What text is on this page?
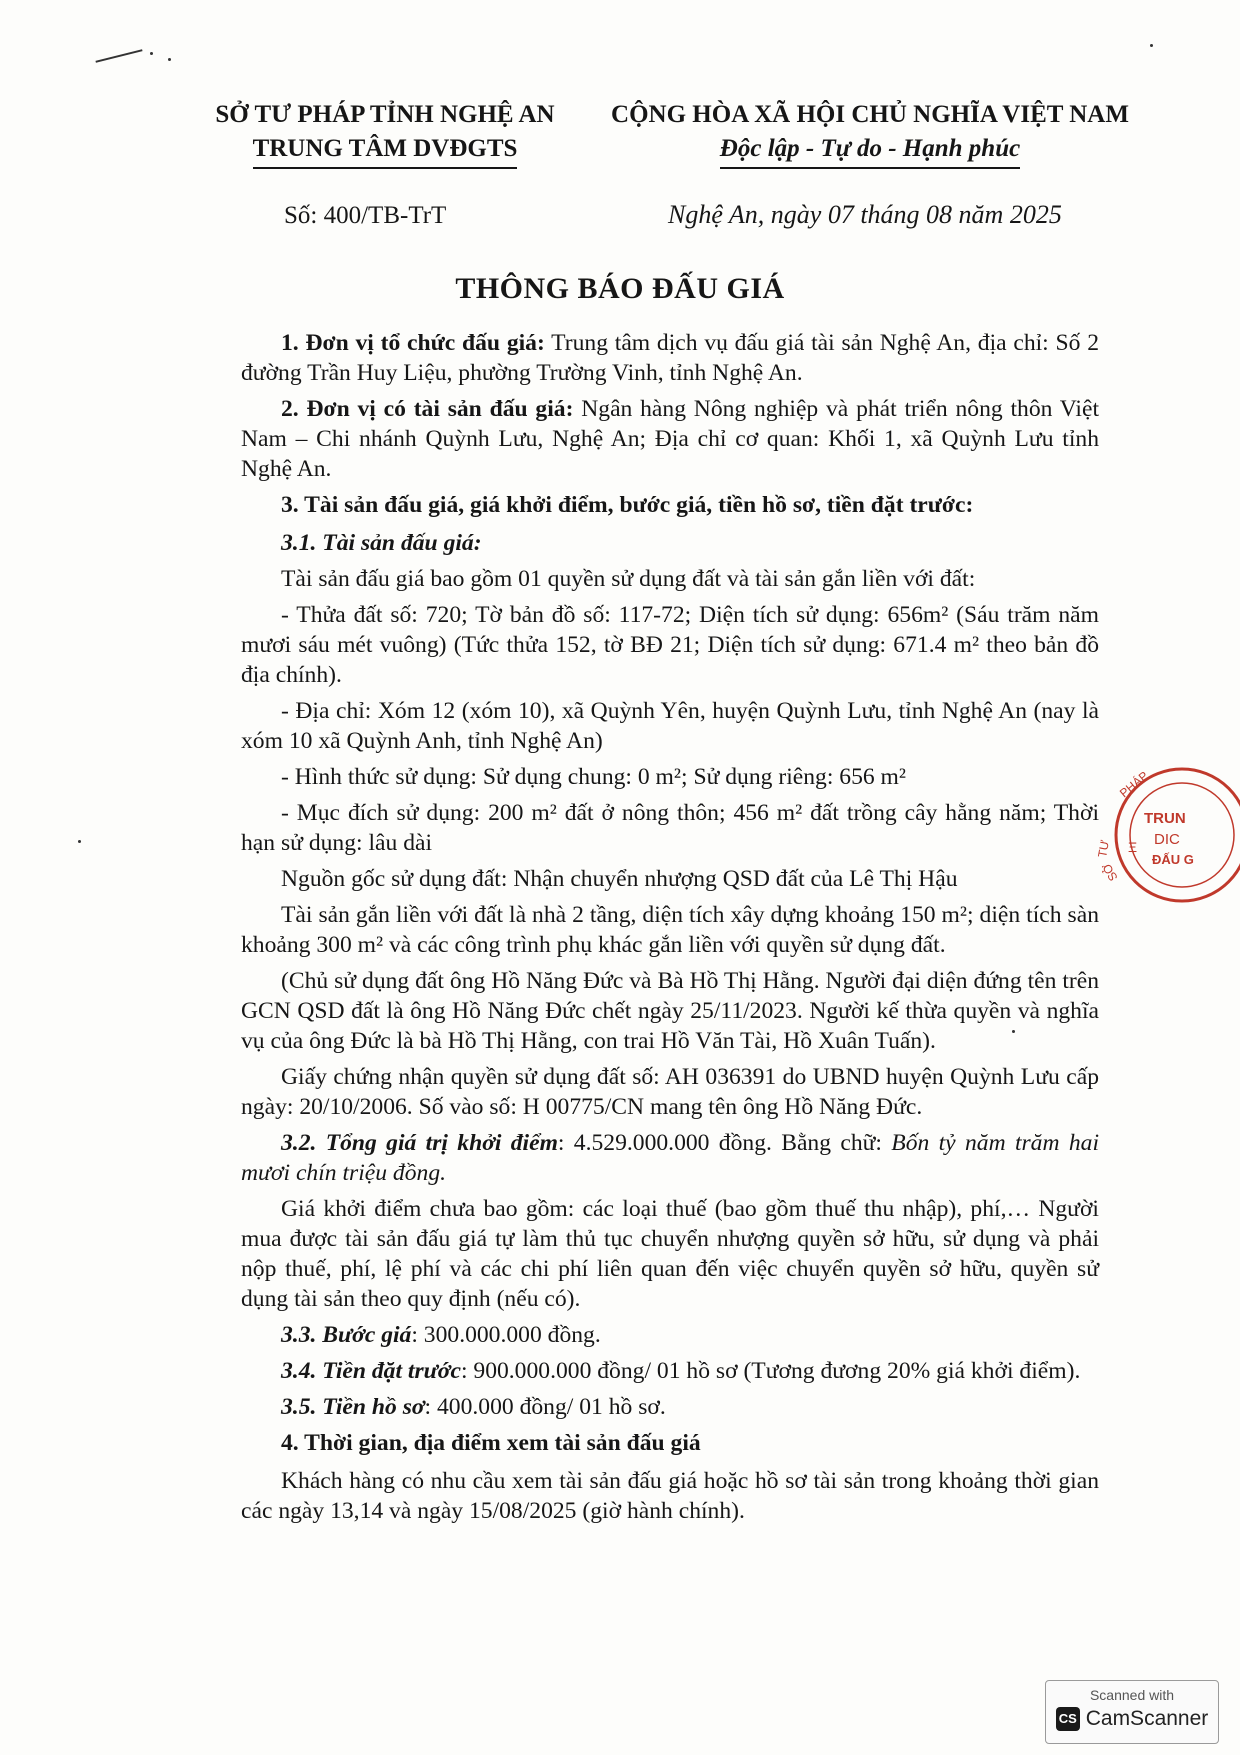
SỞ TƯ PHÁP TỈNH NGHỆ AN
TRUNG TÂM DVĐGTS
CỘNG HÒA XÃ HỘI CHỦ NGHĨA VIỆT NAM
Độc lập - Tự do - Hạnh phúc
Số: 400/TB-TrT	Nghệ An, ngày 07 tháng 08 năm 2025
THÔNG BÁO ĐẤU GIÁ

1. Đơn vị tổ chức đấu giá: Trung tâm dịch vụ đấu giá tài sản Nghệ An, địa chỉ: Số 2 đường Trần Huy Liệu, phường Trường Vinh, tỉnh Nghệ An.

2. Đơn vị có tài sản đấu giá: Ngân hàng Nông nghiệp và phát triển nông thôn Việt Nam – Chi nhánh Quỳnh Lưu, Nghệ An; Địa chỉ cơ quan: Khối 1, xã Quỳnh Lưu tỉnh Nghệ An.

3. Tài sản đấu giá, giá khởi điểm, bước giá, tiền hồ sơ, tiền đặt trước:

3.1. Tài sản đấu giá:

Tài sản đấu giá bao gồm 01 quyền sử dụng đất và tài sản gắn liền với đất:

- Thửa đất số: 720; Tờ bản đồ số: 117-72; Diện tích sử dụng: 656m² (Sáu trăm năm mươi sáu mét vuông) (Tức thửa 152, tờ BĐ 21; Diện tích sử dụng: 671.4 m² theo bản đồ địa chính).

- Địa chỉ: Xóm 12 (xóm 10), xã Quỳnh Yên, huyện Quỳnh Lưu, tỉnh Nghệ An (nay là xóm 10 xã Quỳnh Anh, tỉnh Nghệ An)

- Hình thức sử dụng: Sử dụng chung: 0 m²; Sử dụng riêng: 656 m²

- Mục đích sử dụng: 200 m² đất ở nông thôn; 456 m² đất trồng cây hằng năm; Thời hạn sử dụng: lâu dài

Nguồn gốc sử dụng đất: Nhận chuyển nhượng QSD đất của Lê Thị Hậu

Tài sản gắn liền với đất là nhà 2 tầng, diện tích xây dựng khoảng 150 m²; diện tích sàn khoảng 300 m² và các công trình phụ khác gắn liền với quyền sử dụng đất.

(Chủ sử dụng đất ông Hồ Năng Đức và Bà Hồ Thị Hằng. Người đại diện đứng tên trên GCN QSD đất là ông Hồ Năng Đức chết ngày 25/11/2023. Người kế thừa quyền và nghĩa vụ của ông Đức là bà Hồ Thị Hằng, con trai Hồ Văn Tài, Hồ Xuân Tuấn).

Giấy chứng nhận quyền sử dụng đất số: AH 036391 do UBND huyện Quỳnh Lưu cấp ngày: 20/10/2006. Số vào số: H 00775/CN mang tên ông Hồ Năng Đức.

3.2. Tổng giá trị khởi điểm: 4.529.000.000 đồng. Bằng chữ: Bốn tỷ năm trăm hai mươi chín triệu đồng.

Giá khởi điểm chưa bao gồm: các loại thuế (bao gồm thuế thu nhập), phí,… Người mua được tài sản đấu giá tự làm thủ tục chuyển nhượng quyền sở hữu, sử dụng và phải nộp thuế, phí, lệ phí và các chi phí liên quan đến việc chuyển quyền sở hữu, quyền sử dụng tài sản theo quy định (nếu có).

3.3. Bước giá: 300.000.000 đồng.

3.4. Tiền đặt trước: 900.000.000 đồng/ 01 hồ sơ (Tương đương 20% giá khởi điểm).

3.5. Tiền hồ sơ: 400.000 đồng/ 01 hồ sơ.

4. Thời gian, địa điểm xem tài sản đấu giá

Khách hàng có nhu cầu xem tài sản đấu giá hoặc hồ sơ tài sản trong khoảng thời gian các ngày 13,14 và ngày 15/08/2025 (giờ hành chính).

PHÁP
TƯ
SỞ
TRUN
DIC
ĐẤU G
Ξ
Scanned with
CS CamScanner
